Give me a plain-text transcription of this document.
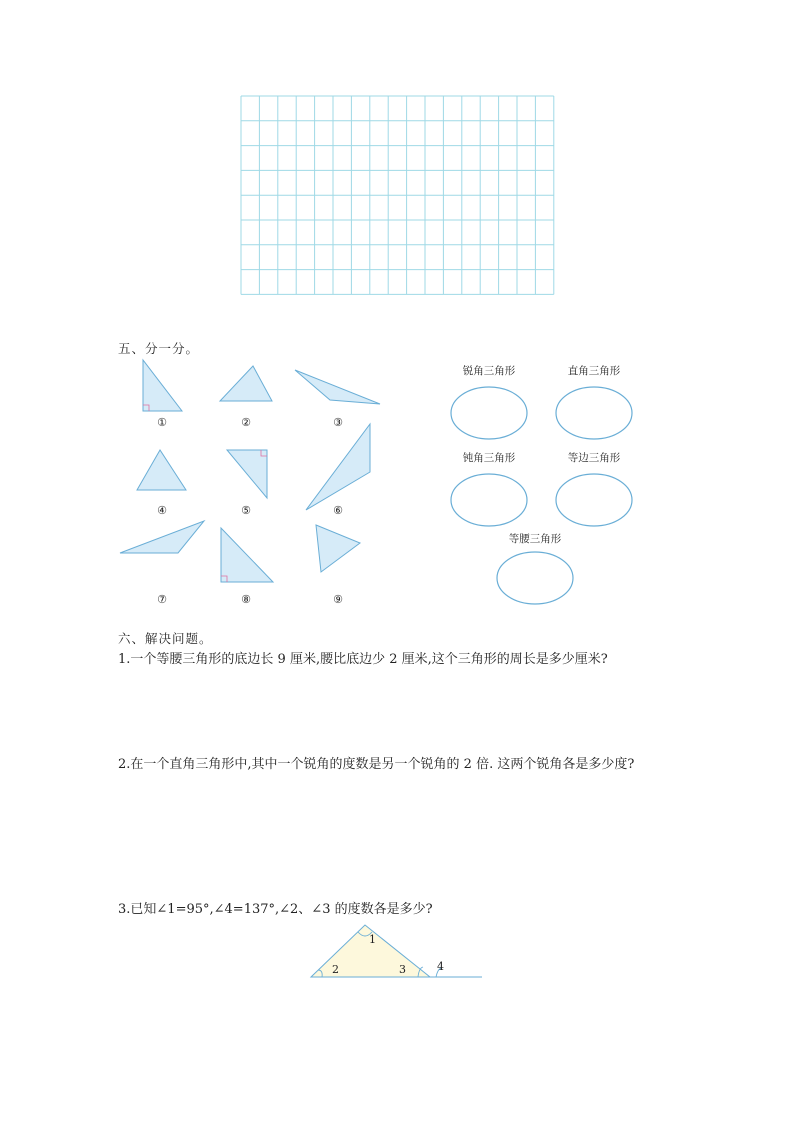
五、分一分。
①	②	③
④	⑤	⑥
⑦	⑧	⑨
锐角三角形	直角三角形
钝角三角形	等边三角形
等腰三角形
六、解决问题。
1.一个等腰三角形的底边长 9 厘米,腰比底边少 2 厘米,这个三角形的周长是多少厘米?
2.在一个直角三角形中,其中一个锐角的度数是另一个锐角的 2 倍. 这两个锐角各是多少度?
3.已知∠1=95°,∠4=137°,∠2、∠3 的度数各是多少?
1
2	3	4
